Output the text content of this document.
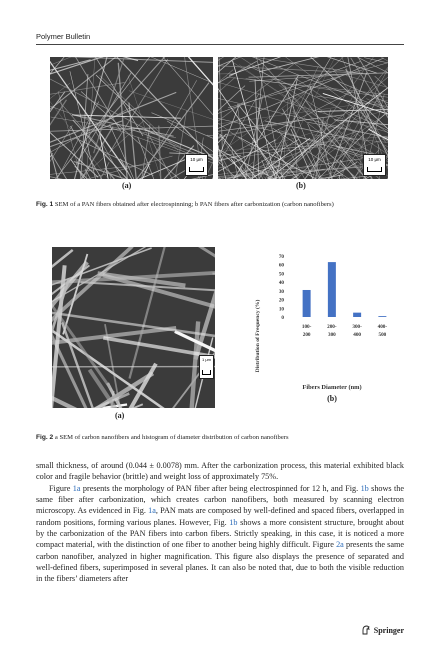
Polymer Bulletin
10 μm	10 μm
(a)	(b)
Fig. 1 SEM of a PAN fibers obtained after electrospinning; b PAN fibers after carbonization (carbon nanofibers)
1 μm
(a)
Distribution of Frequency (%)	0
10
20
30
40
50
60
70
100-
200
200-
300
300-
400
400-
500
Fibers Diameter (nm)
(b)
Fig. 2 a SEM of carbon nanofibers and histogram of diameter distribution of carbon nanofibers

small thickness, of around (0.044 ± 0.0078) mm. After the carbonization process, this material exhibited black color and fragile behavior (brittle) and weight loss of approximately 75%.

Figure 1a presents the morphology of PAN fiber after being electrospinned for 12 h, and Fig. 1b shows the same fiber after carbonization, which creates carbon nanofibers, both measured by scanning electron microscopy. As evidenced in Fig. 1a, PAN mats are composed by well-defined and spaced fibers, overlapped in random positions, forming various planes. However, Fig. 1b shows a more consistent structure, brought about by the carbonization of the PAN fibers into carbon fibers. Strictly speaking, in this case, it is noticed a more compact material, with the distinction of one fiber to another being highly difficult. Figure 2a presents the same carbon nanofiber, analyzed in higher magnification. This figure also displays the presence of separated and well-defined fibers, superimposed in several planes. It can also be noted that, due to both the visible reduction in the fibers’ diameters after

Springer
